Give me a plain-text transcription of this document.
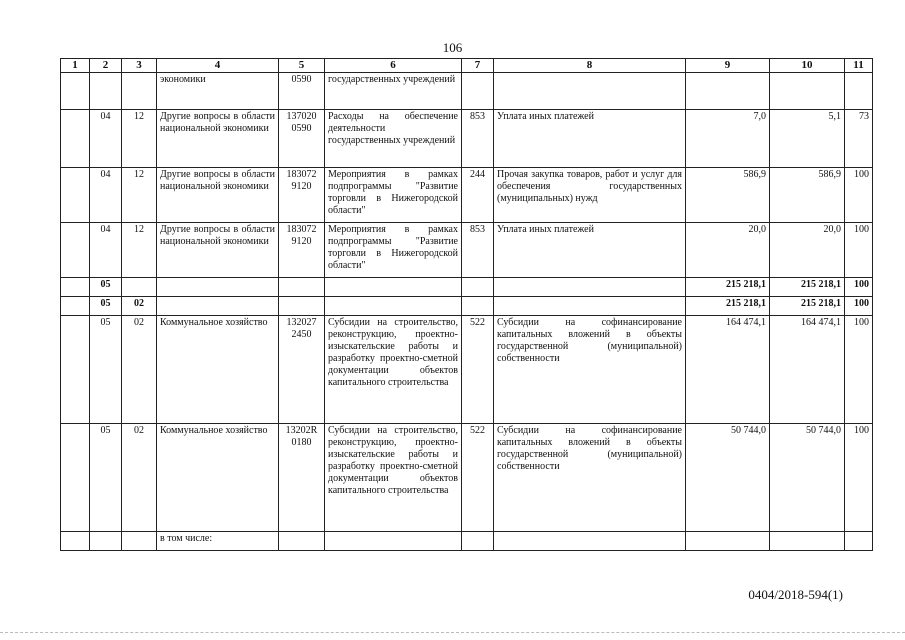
106
1	2	3	4	5	6	7	8	9	10	11
			экономики	0590	государственных учреждений					
	04	12	Другие вопросы в области национальной экономики	137020 0590	Расходы на обеспечение деятельности государственных учреждений	853	Уплата иных платежей	7,0	5,1	73
	04	12	Другие вопросы в области национальной экономики	183072 9120	Мероприятия в рамках подпрограммы "Развитие торговли в Нижегородской области"	244	Прочая закупка товаров, работ и услуг для обеспечения государственных (муниципальных) нужд	586,9	586,9	100
	04	12	Другие вопросы в области национальной экономики	183072 9120	Мероприятия в рамках подпрограммы "Развитие торговли в Нижегородской области"	853	Уплата иных платежей	20,0	20,0	100
	05							215 218,1	215 218,1	100
	05	02						215 218,1	215 218,1	100
	05	02	Коммунальное хозяйство	132027 2450	Субсидии на строительство, реконструкцию, проектно-изыскательские работы и разработку проектно-сметной документации объектов капитального строительства	522	Субсидии на софинансирование капитальных вложений в объекты государственной (муниципальной) собственности	164 474,1	164 474,1	100
	05	02	Коммунальное хозяйство	13202R 0180	Субсидии на строительство, реконструкцию, проектно-изыскательские работы и разработку проектно-сметной документации объектов капитального строительства	522	Субсидии на софинансирование капитальных вложений в объекты государственной (муниципальной) собственности	50 744,0	50 744,0	100
			в том числе:							
0404/2018-594(1)
